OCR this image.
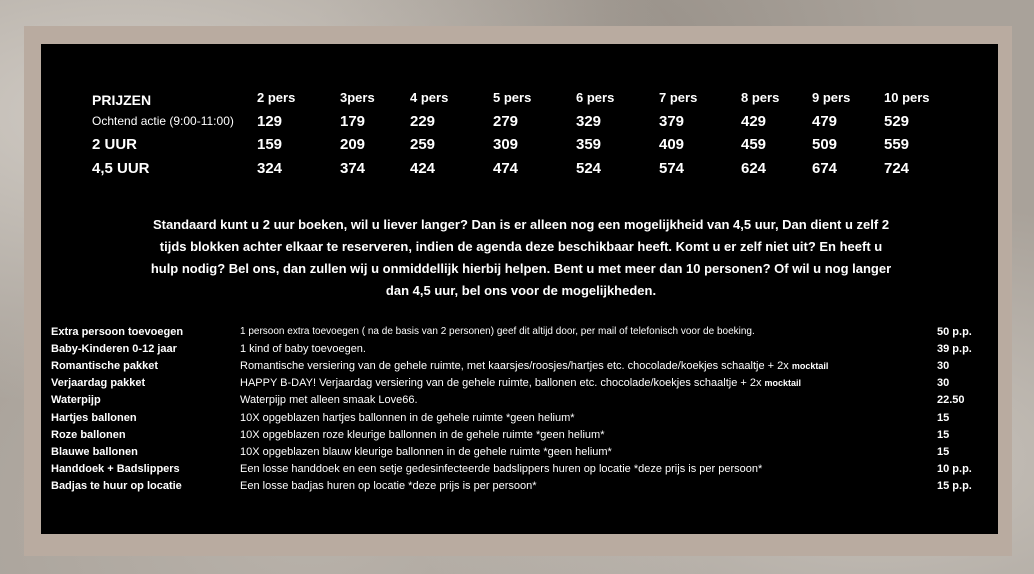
PRIJZEN	2 pers	3pers	4 pers	5 pers	6 pers	7 pers	8 pers	9 pers	10 pers
Ochtend actie (9:00-11:00) 129	179	229	279	329	379	429	479	529
2 UUR	159	209	259	309	359	409	459	509	559
4,5 UUR	324	374	424	474	524	574	624	674	724
Standaard kunt u 2 uur boeken, wil u liever langer? Dan is er alleen nog een mogelijkheid van 4,5 uur, Dan dient u zelf 2
tijds blokken achter elkaar te reserveren, indien de agenda deze beschikbaar heeft. Komt u er zelf niet uit? En heeft u
hulp nodig? Bel ons, dan zullen wij u onmiddellijk hierbij helpen. Bent u met meer dan 10 personen? Of wil u nog langer
dan 4,5 uur, bel ons voor de mogelijkheden.
Extra persoon toevoegen	1 persoon extra toevoegen ( na de basis van 2 personen) geef dit altijd door, per mail of telefonisch voor de boeking.	50 p.p.
Baby-Kinderen 0-12 jaar	1 kind of baby toevoegen.	39 p.p.
Romantische pakket	Romantische versiering van de gehele ruimte, met kaarsjes/roosjes/hartjes etc. chocolade/koekjes schaaltje + 2x mocktail	30
Verjaardag pakket	HAPPY B-DAY! Verjaardag versiering van de gehele ruimte, ballonen etc. chocolade/koekjes schaaltje + 2x mocktail	30
Waterpijp	Waterpijp met alleen smaak Love66.	22.50
Hartjes ballonen	10X opgeblazen hartjes ballonnen in de gehele ruimte *geen helium*	15
Roze ballonen	10X opgeblazen roze kleurige ballonnen in de gehele ruimte *geen helium*	15
Blauwe ballonen	10X opgeblazen blauw kleurige ballonnen in de gehele ruimte *geen helium*	15
Handdoek + Badslippers	Een losse handdoek en een setje gedesinfecteerde badslippers huren op locatie *deze prijs is per persoon*	10 p.p.
Badjas te huur op locatie	Een losse badjas huren op locatie *deze prijs is per persoon*	15 p.p.
